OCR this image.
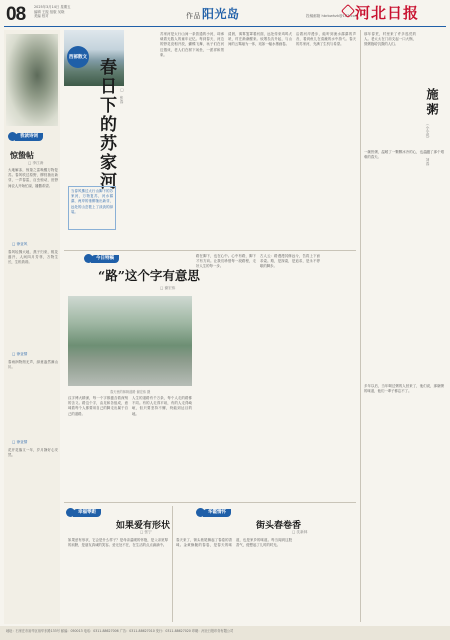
08	2025年3月14日 星期五
编辑 王振 组版 吴晓
美编 校对	作品阳光岛	投稿邮箱 hbrbwhzk@163.com
河北日报
我读诗词
惊蛰帖
□ 李江涛
大地解冻，惊蛰之雷唤醒万物复苏。春风吹过原野，柳枝抽出新芽，一声春雷，百虫惊动，田野间农人开始忙碌，播撒希望。
□ 徐亚风
春风轻拂大地，燕子归来，桃花盛开，人间四月芳菲，万物生长，生机勃勃。
□ 徐亚情
春雨润物细无声，绿意盎然满山川。
□ 徐亚情
花开花落又一年，岁月静好心安然。
西部散文
春日下的苏家河 □ 张春
当春风拂过太行山脚下的苏家河，万物复苏，河水潺潺，两岸的垂柳抽出新芽，远处的山峦披上了淡淡的绿装。
苏家河是太行山间一条普通的小河，却承载着无数人的童年记忆。每到春天，河边的野花竞相开放，蝴蝶飞舞，孩子们在河边嬉戏，老人们在树下闲坐，一派祥和景象。
清晨，薄雾笼罩着河面，远处传来鸡鸣犬吠，村庄渐渐醒来。炊烟袅袅升起，与山间的云雾融为一体，宛如一幅水墨画卷。
沿着河岸漫步，能听到流水潺潺的声音，看到鱼儿在清澈的水中游弋。春天的苏家河，充满了生机与希望。
今日特稿
“路”这个字有意思
□ 谢宏伟
春天里的林荫道路 谢宏伟 摄
汉字博大精深，每一个字都蕴含着深刻的含义。路这个字，由足和各组成，意味着每个人都要用自己的脚走出属于自己的道路。
人生的道路有千万条，每个人走的路都不同。有的人走得平坦，有的人走得崎岖，但只要坚持不懈，终能到达目的地。
路在脚下，也在心中。心中有路，脚下才有方向。让我们珍惜每一段路程，走好人生的每一步。
古人云：路漫漫其修远兮，吾将上下而求索。路，是探索，是追求，是永不停歇的脚步。
幸福零距
如果爱有形状
□ 张宁
如果爱有形状，它会是什么样子？是母亲温暖的怀抱，是父亲宽厚的肩膀，是朋友真诚的笑容。爱无处不在，在生活的点点滴滴中。
华霞情怀
街头春卷香
□ 沈新林
春天来了，街头巷尾飘起了春卷的香味。金黄酥脆的春卷，是春天的味道，也是家乡的味道。每当闻到这股香气，便想起了儿时的时光。
那年春荒，村里来了许多逃荒的人。老太太在门前支起一口大锅，熬粥施给饥饿的人们。
施粥
（小小说）
□ 刘春
一碗热粥，温暖了一颗颗冰冷的心，也温暖了那个艰难的春天。
多年以后，当年喝过粥的人回来了，他们说，那碗粥的味道，他们一辈子都忘不了。
地址：石家庄市裕华区裕华东路133号 邮编：050013 电话：0311-88627006 广告：0311-88627010 发行：0311-88627020 印刷：河北日报印务有限公司
